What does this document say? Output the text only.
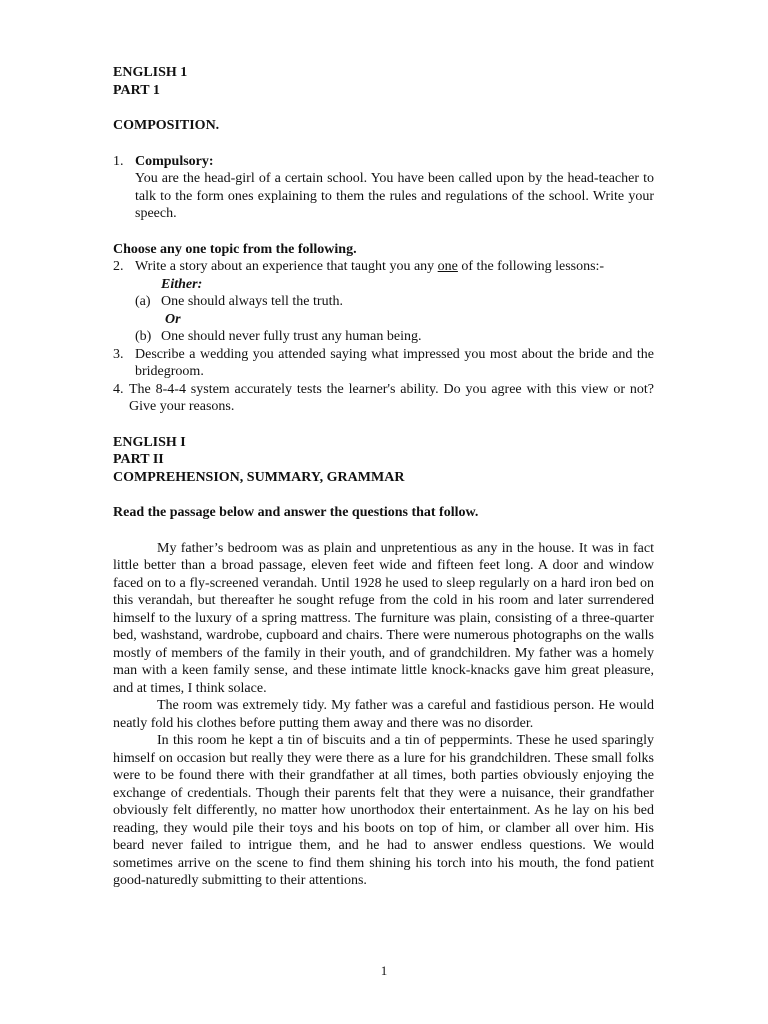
ENGLISH 1
PART 1
COMPOSITION.
1. Compulsory:
You are the head-girl of a certain school. You have been called upon by the head-teacher to talk to the form ones explaining to them the rules and regulations of the school. Write your speech.
Choose any one topic from the following.
2. Write a story about an experience that taught you any one of the following lessons:-
Either:
(a) One should always tell the truth.
Or
(b) One should never fully trust any human being.
3. Describe a wedding you attended saying what impressed you most about the bride and the bridegroom.
4. The 8-4-4 system accurately tests the learner's ability. Do you agree with this view or not? Give your reasons.
ENGLISH I
PART II
COMPREHENSION, SUMMARY, GRAMMAR
Read the passage below and answer the questions that follow.
My father’s bedroom was as plain and unpretentious as any in the house. It was in fact little better than a broad passage, eleven feet wide and fifteen feet long. A door and window faced on to a fly-screened verandah. Until 1928 he used to sleep regularly on a hard iron bed on this verandah, but thereafter he sought refuge from the cold in his room and later surrendered himself to the luxury of a spring mattress. The furniture was plain, consisting of a three-quarter bed, washstand, wardrobe, cupboard and chairs. There were numerous photographs on the walls mostly of members of the family in their youth, and of grandchildren. My father was a homely man with a keen family sense, and these intimate little knock-knacks gave him great pleasure, and at times, I think solace.
The room was extremely tidy. My father was a careful and fastidious person. He would neatly fold his clothes before putting them away and there was no disorder.
In this room he kept a tin of biscuits and a tin of peppermints. These he used sparingly himself on occasion but really they were there as a lure for his grandchildren. These small folks were to be found there with their grandfather at all times, both parties obviously enjoying the exchange of credentials. Though their parents felt that they were a nuisance, their grandfather obviously felt differently, no matter how unorthodox their entertainment. As he lay on his bed reading, they would pile their toys and his boots on top of him, or clamber all over him. His beard never failed to intrigue them, and he had to answer endless questions. We would sometimes arrive on the scene to find them shining his torch into his mouth, the fond patient good-naturedly submitting to their attentions.
1
